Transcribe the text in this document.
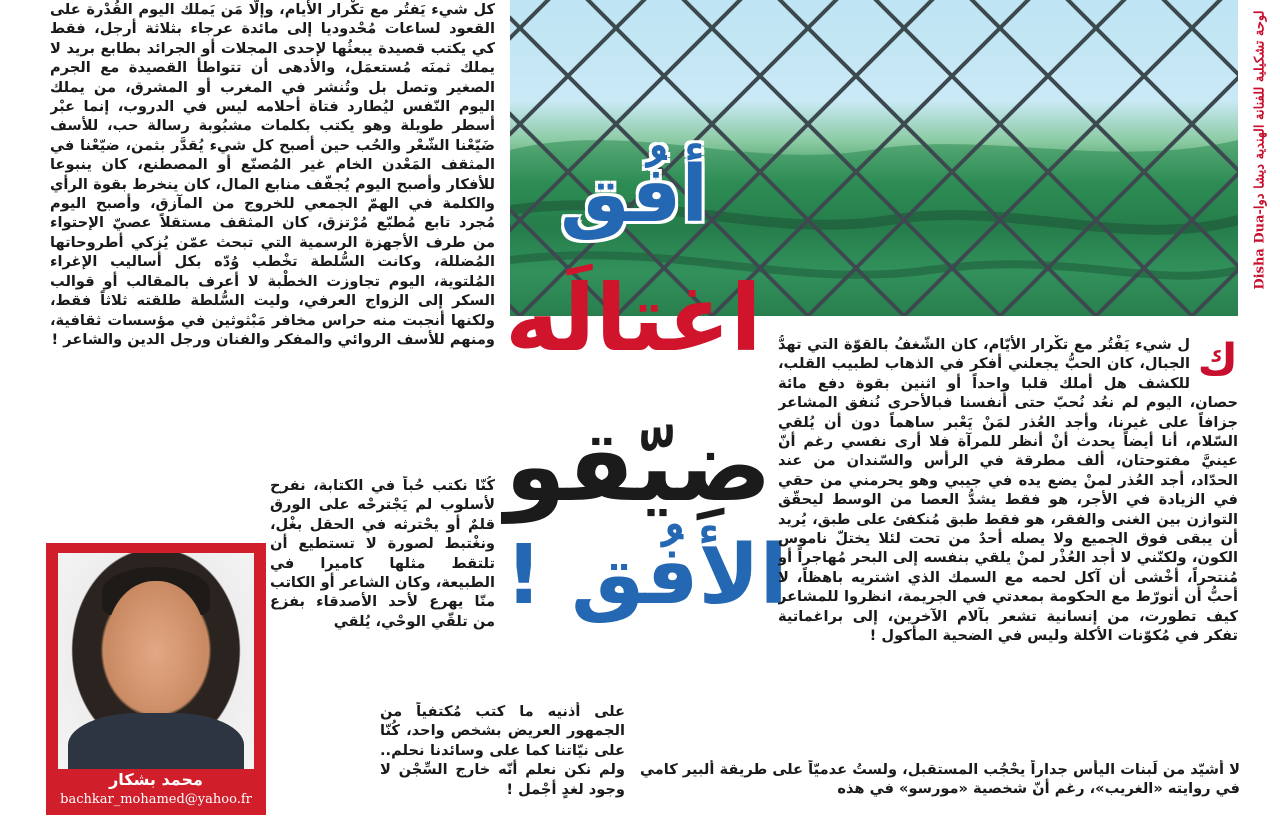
كل شيء يَفتُر مع تكْرار الأيام، وإلّا مَن يَملك اليوم القُدْرة على القعود لساعات مُحْدوديا إلى مائدة عرجاء بثلاثة أرجل، فقط كي يكتب قصيدة يبعثُها لإحدى المجلات أو الجرائد بطابع بريد لا يملك ثمنَه مُستعمَل، والأدهى أن تتواطأ القصيدة مع الجرم الصغير وتصل بل وتُنشر في المغرب أو المشرق، من يملك اليوم النّفس ليُطارد فتاة أحلامه ليس في الدروب، إنما عبْر أسطر طويلة وهو يكتب بكلمات مشبُوبة رسالة حب، للأسف ضَيّعْنا الشّعْر والحُب حين أصبح كل شيء يُقدَّر بثمن، ضيّعْنا في المثقف المَعْدن الخام غير المُصنّع أو المصطنع، كان ينبوعا للأفكار وأصبح اليوم يُجفّف منابع المال، كان ينخرط بقوة الرأي والكلمة في الهمّ الجمعي للخروج من المآزق، وأصبح اليوم مُجرد تابع مُطبّع مُرْتزق، كان المثقف مستقلاً عصيّ الإحتواء من طرف الأجهزة الرسمية التي تبحث عمّن يُزكي أطروحاتها المُضللة، وكانت السُّلطة تخْطب وُدّه بكل أساليب الإغراء المُلتوية، اليوم تجاوزت الخطْبة لا أعرف بالمقالب أو قوالب السكر إلى الزواج العرفي، وليت السُّلطة طلقته ثلاثاً فقط، ولكنها أنجبت منه حراس مخافر مَبْثوثين في مؤسسات ثقافية، ومنهم للأسف الروائي والمفكر والفنان ورجل الدين والشاعر !

كُنّا نكتب حُباً في الكتابة، نفرح لأسلوب لم يَجْترحْه على الورق قلمٌ أو يحْترثه في الحقل بغْل، ونغْتبط لصورة لا تستطيع أن تلتقط مثلها كاميرا في الطبيعة، وكان الشاعر أو الكاتب منّا يهرع لأحد الأصدقاء بفزع من تلقّي الوحْي، يُلقي

على أذنيه ما كتب مُكتفياً من الجمهور العريض بشخص واحد، كُنّا على نيّاتنا كما على وسائدنا نحلم.. ولم نكن نعلم أنّه خارج السِّجْن لا وجود لغدٍ أجْمل !

Disha Dua-لوحة تشكيلية للفنانة الهندية ديشا دوا
أفُق
اغتالَه
ضِيّقو
الأفُق !
ك

ل شيء يَفْتُر مع تكْرار الأيّام، كان الشّغفُ بالقوّة التي تهدُّ الجبال، كان الحبُّ يجعلني أفكر في الذهاب لطبيب القلب، للكشف هل أملك قلبا واحداً أو اثنين بقوة دفع مائة حصان، اليوم لم نعُد نُحبّ حتى أنفسنا فبالأحرى نُنفق المشاعر جزافاً على غيرنا، وأجد العُذر لمَنْ يَعْبر ساهماً دون أن يُلقي السّلام، أنا أيضاً يحدث أنْ أنظر للمرآة فلا أرى نفسي رغم أنّ عينيَّ مفتوحتان، ألف مطرقة في الرأس والسّندان من عند الحدّاد، أجد العُذر لمنْ يضع يده في جيبي وهو يحرمني من حقي في الزيادة في الأجر، هو فقط يشدُّ العصا من الوسط ليحقّق التوازن بين الغنى والفقر، هو فقط طبق مُنكفئ على طبق، يُريد أن يبقى فوق الجميع ولا يصله أحدٌ من تحت لئلا يختلّ ناموس الكون، ولكنّني لا أجد العُذْر لمنْ يلقي بنفسه إلى البحر مُهاجراً أو مُنتحراً، أخْشى أن آكل لحمه مع السمك الذي اشتريه باهظاً، لا أحبُّ أن أتورّط مع الحكومة بمعدتي في الجريمة، انظروا للمشاعر كيف تطورت، من إنسانية تشعر بآلام الآخرين، إلى براغماتية تفكر في مُكوّنات الأكلة وليس في الضحية المأكول !

لا أُشيّد من لَبنات اليأس جداراً يحْجُب المستقبل، ولستُ عدميّاً على طريقة ألبير كامي في روايته «الغريب»، رغم أنّ شخصية «مورسو» في هذه

محمد بشكار
bachkar_mohamed@yahoo.fr
